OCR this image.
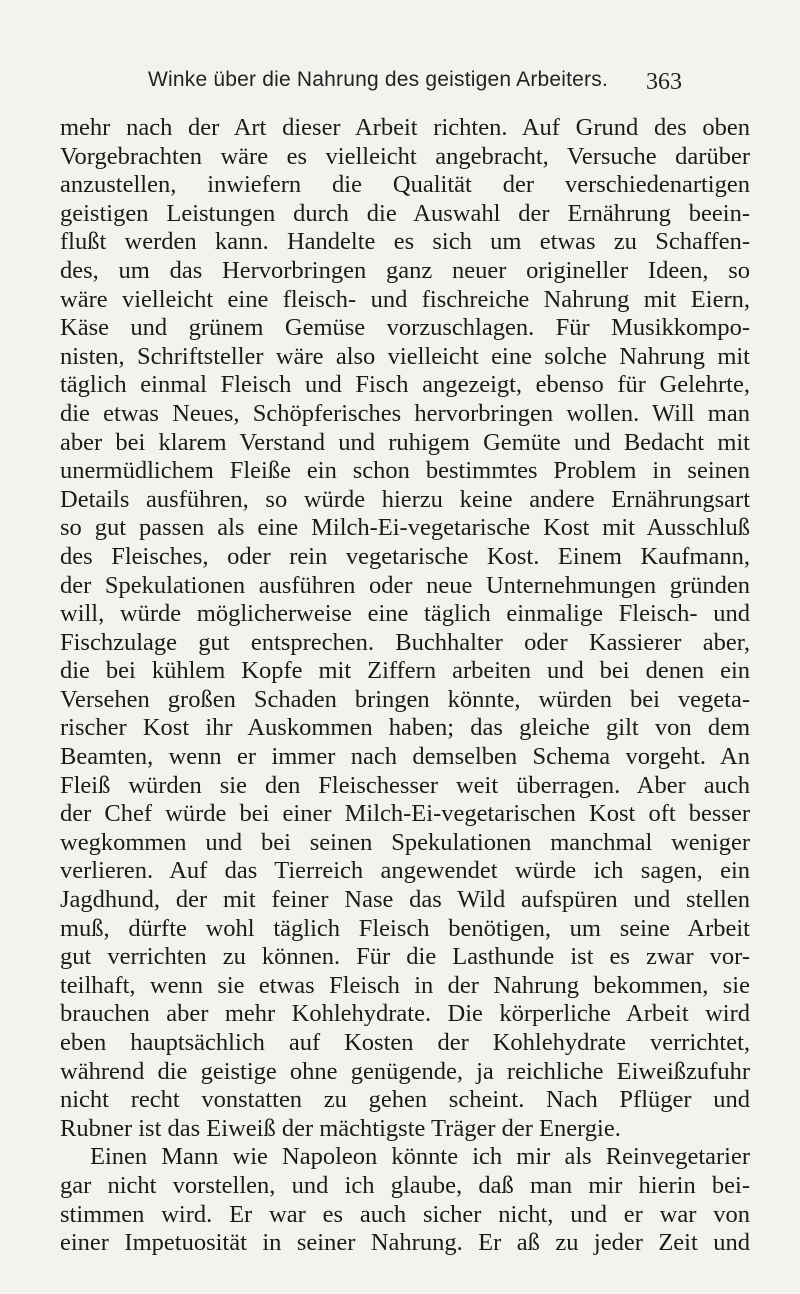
Winke über die Nahrung des geistigen Arbeiters.	363
mehr nach der Art dieser Arbeit richten. Auf Grund des oben
Vorgebrachten wäre es vielleicht angebracht, Versuche darüber
anzustellen, inwiefern die Qualität der verschiedenartigen
geistigen Leistungen durch die Auswahl der Ernährung beein-
flußt werden kann. Handelte es sich um etwas zu Schaffen-
des, um das Hervorbringen ganz neuer origineller Ideen, so
wäre vielleicht eine fleisch- und fischreiche Nahrung mit Eiern,
Käse und grünem Gemüse vorzuschlagen. Für Musikkompo-
nisten, Schriftsteller wäre also vielleicht eine solche Nahrung mit
täglich einmal Fleisch und Fisch angezeigt, ebenso für Gelehrte,
die etwas Neues, Schöpferisches hervorbringen wollen. Will man
aber bei klarem Verstand und ruhigem Gemüte und Bedacht mit
unermüdlichem Fleiße ein schon bestimmtes Problem in seinen
Details ausführen, so würde hierzu keine andere Ernährungsart
so gut passen als eine Milch-Ei-vegetarische Kost mit Ausschluß
des Fleisches, oder rein vegetarische Kost. Einem Kaufmann,
der Spekulationen ausführen oder neue Unternehmungen gründen
will, würde möglicherweise eine täglich einmalige Fleisch- und
Fischzulage gut entsprechen. Buchhalter oder Kassierer aber,
die bei kühlem Kopfe mit Ziffern arbeiten und bei denen ein
Versehen großen Schaden bringen könnte, würden bei vegeta-
rischer Kost ihr Auskommen haben; das gleiche gilt von dem
Beamten, wenn er immer nach demselben Schema vorgeht. An
Fleiß würden sie den Fleischesser weit überragen. Aber auch
der Chef würde bei einer Milch-Ei-vegetarischen Kost oft besser
wegkommen und bei seinen Spekulationen manchmal weniger
verlieren. Auf das Tierreich angewendet würde ich sagen, ein
Jagdhund, der mit feiner Nase das Wild aufspüren und stellen
muß, dürfte wohl täglich Fleisch benötigen, um seine Arbeit
gut verrichten zu können. Für die Lasthunde ist es zwar vor-
teilhaft, wenn sie etwas Fleisch in der Nahrung bekommen, sie
brauchen aber mehr Kohlehydrate. Die körperliche Arbeit wird
eben hauptsächlich auf Kosten der Kohlehydrate verrichtet,
während die geistige ohne genügende, ja reichliche Eiweißzufuhr
nicht recht vonstatten zu gehen scheint. Nach Pflüger und
Rubner ist das Eiweiß der mächtigste Träger der Energie.
Einen Mann wie Napoleon könnte ich mir als Reinvegetarier
gar nicht vorstellen, und ich glaube, daß man mir hierin bei-
stimmen wird. Er war es auch sicher nicht, und er war von
einer Impetuosität in seiner Nahrung. Er aß zu jeder Zeit und
